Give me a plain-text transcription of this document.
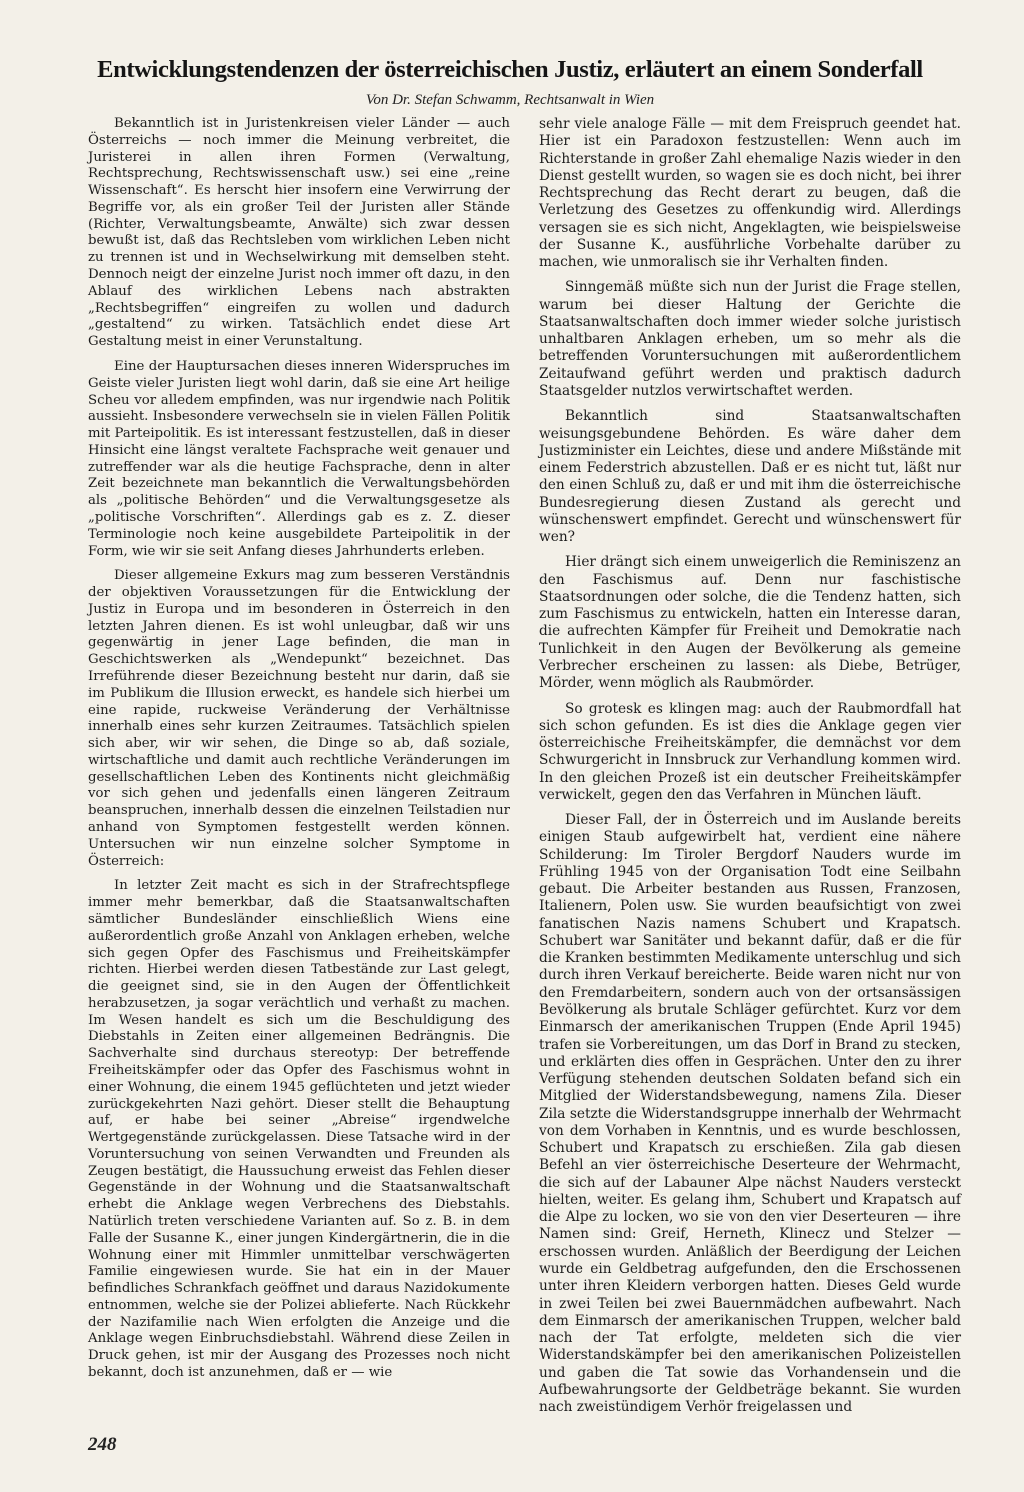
Entwicklungstendenzen der österreichischen Justiz, erläutert an einem Sonderfall

Von Dr. Stefan Schwamm, Rechtsanwalt in Wien

Bekanntlich ist in Juristenkreisen vieler Länder — auch Österreichs — noch immer die Meinung verbreitet, die Juristerei in allen ihren Formen (Verwaltung, Rechtsprechung, Rechtswissenschaft usw.) sei eine „reine Wissenschaft“. Es herscht hier insofern eine Verwirrung der Begriffe vor, als ein großer Teil der Juristen aller Stände (Richter, Verwaltungsbeamte, Anwälte) sich zwar dessen bewußt ist, daß das Rechtsleben vom wirklichen Leben nicht zu trennen ist und in Wechselwirkung mit demselben steht. Dennoch neigt der einzelne Jurist noch immer oft dazu, in den Ablauf des wirklichen Lebens nach abstrakten „Rechtsbegriffen“ eingreifen zu wollen und dadurch „gestaltend“ zu wirken. Tatsächlich endet diese Art Gestaltung meist in einer Verunstaltung.

Eine der Hauptursachen dieses inneren Widerspruches im Geiste vieler Juristen liegt wohl darin, daß sie eine Art heilige Scheu vor alledem empfinden, was nur irgendwie nach Politik aussieht. Insbesondere verwechseln sie in vielen Fällen Politik mit Parteipolitik. Es ist interessant festzustellen, daß in dieser Hinsicht eine längst veraltete Fachsprache weit genauer und zutreffender war als die heutige Fachsprache, denn in alter Zeit bezeichnete man bekanntlich die Verwaltungsbehörden als „politische Behörden“ und die Verwaltungsgesetze als „politische Vorschriften“. Allerdings gab es z. Z. dieser Terminologie noch keine ausgebildete Parteipolitik in der Form, wie wir sie seit Anfang dieses Jahrhunderts erleben.

Dieser allgemeine Exkurs mag zum besseren Verständnis der objektiven Voraussetzungen für die Entwicklung der Justiz in Europa und im besonderen in Österreich in den letzten Jahren dienen. Es ist wohl unleugbar, daß wir uns gegenwärtig in jener Lage befinden, die man in Geschichtswerken als „Wendepunkt“ bezeichnet. Das Irreführende dieser Bezeichnung besteht nur darin, daß sie im Publikum die Illusion erweckt, es handele sich hierbei um eine rapide, ruckweise Veränderung der Verhältnisse innerhalb eines sehr kurzen Zeitraumes. Tatsächlich spielen sich aber, wir wir sehen, die Dinge so ab, daß soziale, wirtschaftliche und damit auch rechtliche Veränderungen im gesellschaftlichen Leben des Kontinents nicht gleichmäßig vor sich gehen und jedenfalls einen längeren Zeitraum beanspruchen, innerhalb dessen die einzelnen Teilstadien nur anhand von Symptomen festgestellt werden können. Untersuchen wir nun einzelne solcher Symptome in Österreich:

In letzter Zeit macht es sich in der Strafrechtspflege immer mehr bemerkbar, daß die Staatsanwaltschaften sämtlicher Bundesländer einschließlich Wiens eine außerordentlich große Anzahl von Anklagen erheben, welche sich gegen Opfer des Faschismus und Freiheitskämpfer richten. Hierbei werden diesen Tatbestände zur Last gelegt, die geeignet sind, sie in den Augen der Öffentlichkeit herabzusetzen, ja sogar verächtlich und verhaßt zu machen. Im Wesen handelt es sich um die Beschuldigung des Diebstahls in Zeiten einer allgemeinen Bedrängnis. Die Sachverhalte sind durchaus stereotyp: Der betreffende Freiheitskämpfer oder das Opfer des Faschismus wohnt in einer Wohnung, die einem 1945 geflüchteten und jetzt wieder zurückgekehrten Nazi gehört. Dieser stellt die Behauptung auf, er habe bei seiner „Abreise“ irgendwelche Wertgegenstände zurückgelassen. Diese Tatsache wird in der Voruntersuchung von seinen Verwandten und Freunden als Zeugen bestätigt, die Haussuchung erweist das Fehlen dieser Gegenstände in der Wohnung und die Staatsanwaltschaft erhebt die Anklage wegen Verbrechens des Diebstahls. Natürlich treten verschiedene Varianten auf. So z. B. in dem Falle der Susanne K., einer jungen Kindergärtnerin, die in die Wohnung einer mit Himmler unmittelbar verschwägerten Familie eingewiesen wurde. Sie hat ein in der Mauer befindliches Schrankfach geöffnet und daraus Nazidokumente entnommen, welche sie der Polizei ablieferte. Nach Rückkehr der Nazifamilie nach Wien erfolgten die Anzeige und die Anklage wegen Einbruchsdiebstahl. Während diese Zeilen in Druck gehen, ist mir der Ausgang des Prozesses noch nicht bekannt, doch ist anzunehmen, daß er — wie

sehr viele analoge Fälle — mit dem Freispruch geendet hat. Hier ist ein Paradoxon festzustellen: Wenn auch im Richterstande in großer Zahl ehemalige Nazis wieder in den Dienst gestellt wurden, so wagen sie es doch nicht, bei ihrer Rechtsprechung das Recht derart zu beugen, daß die Verletzung des Gesetzes zu offenkundig wird. Allerdings versagen sie es sich nicht, Angeklagten, wie beispielsweise der Susanne K., ausführliche Vorbehalte darüber zu machen, wie unmoralisch sie ihr Verhalten finden.

Sinngemäß müßte sich nun der Jurist die Frage stellen, warum bei dieser Haltung der Gerichte die Staatsanwaltschaften doch immer wieder solche juristisch unhaltbaren Anklagen erheben, um so mehr als die betreffenden Voruntersuchungen mit außerordentlichem Zeitaufwand geführt werden und praktisch dadurch Staatsgelder nutzlos verwirtschaftet werden.

Bekanntlich sind Staatsanwaltschaften weisungsgebundene Behörden. Es wäre daher dem Justizminister ein Leichtes, diese und andere Mißstände mit einem Federstrich abzustellen. Daß er es nicht tut, läßt nur den einen Schluß zu, daß er und mit ihm die österreichische Bundesregierung diesen Zustand als gerecht und wünschenswert empfindet. Gerecht und wünschenswert für wen?

Hier drängt sich einem unweigerlich die Reminiszenz an den Faschismus auf. Denn nur faschistische Staatsordnungen oder solche, die die Tendenz hatten, sich zum Faschismus zu entwickeln, hatten ein Interesse daran, die aufrechten Kämpfer für Freiheit und Demokratie nach Tunlichkeit in den Augen der Bevölkerung als gemeine Verbrecher erscheinen zu lassen: als Diebe, Betrüger, Mörder, wenn möglich als Raubmörder.

So grotesk es klingen mag: auch der Raubmordfall hat sich schon gefunden. Es ist dies die Anklage gegen vier österreichische Freiheitskämpfer, die demnächst vor dem Schwurgericht in Innsbruck zur Verhandlung kommen wird. In den gleichen Prozeß ist ein deutscher Freiheitskämpfer verwickelt, gegen den das Verfahren in München läuft.

Dieser Fall, der in Österreich und im Auslande bereits einigen Staub aufgewirbelt hat, verdient eine nähere Schilderung: Im Tiroler Bergdorf Nauders wurde im Frühling 1945 von der Organisation Todt eine Seilbahn gebaut. Die Arbeiter bestanden aus Russen, Franzosen, Italienern, Polen usw. Sie wurden beaufsichtigt von zwei fanatischen Nazis namens Schubert und Krapatsch. Schubert war Sanitäter und bekannt dafür, daß er die für die Kranken bestimmten Medikamente unterschlug und sich durch ihren Verkauf bereicherte. Beide waren nicht nur von den Fremdarbeitern, sondern auch von der ortsansässigen Bevölkerung als brutale Schläger gefürchtet. Kurz vor dem Einmarsch der amerikanischen Truppen (Ende April 1945) trafen sie Vorbereitungen, um das Dorf in Brand zu stecken, und erklärten dies offen in Gesprächen. Unter den zu ihrer Verfügung stehenden deutschen Soldaten befand sich ein Mitglied der Widerstandsbewegung, namens Zila. Dieser Zila setzte die Widerstandsgruppe innerhalb der Wehrmacht von dem Vorhaben in Kenntnis, und es wurde beschlossen, Schubert und Krapatsch zu erschießen. Zila gab diesen Befehl an vier österreichische Deserteure der Wehrmacht, die sich auf der Labauner Alpe nächst Nauders versteckt hielten, weiter. Es gelang ihm, Schubert und Krapatsch auf die Alpe zu locken, wo sie von den vier Deserteuren — ihre Namen sind: Greif, Herneth, Klinecz und Stelzer — erschossen wurden. Anläßlich der Beerdigung der Leichen wurde ein Geldbetrag aufgefunden, den die Erschossenen unter ihren Kleidern verborgen hatten. Dieses Geld wurde in zwei Teilen bei zwei Bauernmädchen aufbewahrt. Nach dem Einmarsch der amerikanischen Truppen, welcher bald nach der Tat erfolgte, meldeten sich die vier Widerstandskämpfer bei den amerikanischen Polizeistellen und gaben die Tat sowie das Vorhandensein und die Aufbewahrungsorte der Geldbeträge bekannt. Sie wurden nach zweistündigem Verhör freigelassen und

248
